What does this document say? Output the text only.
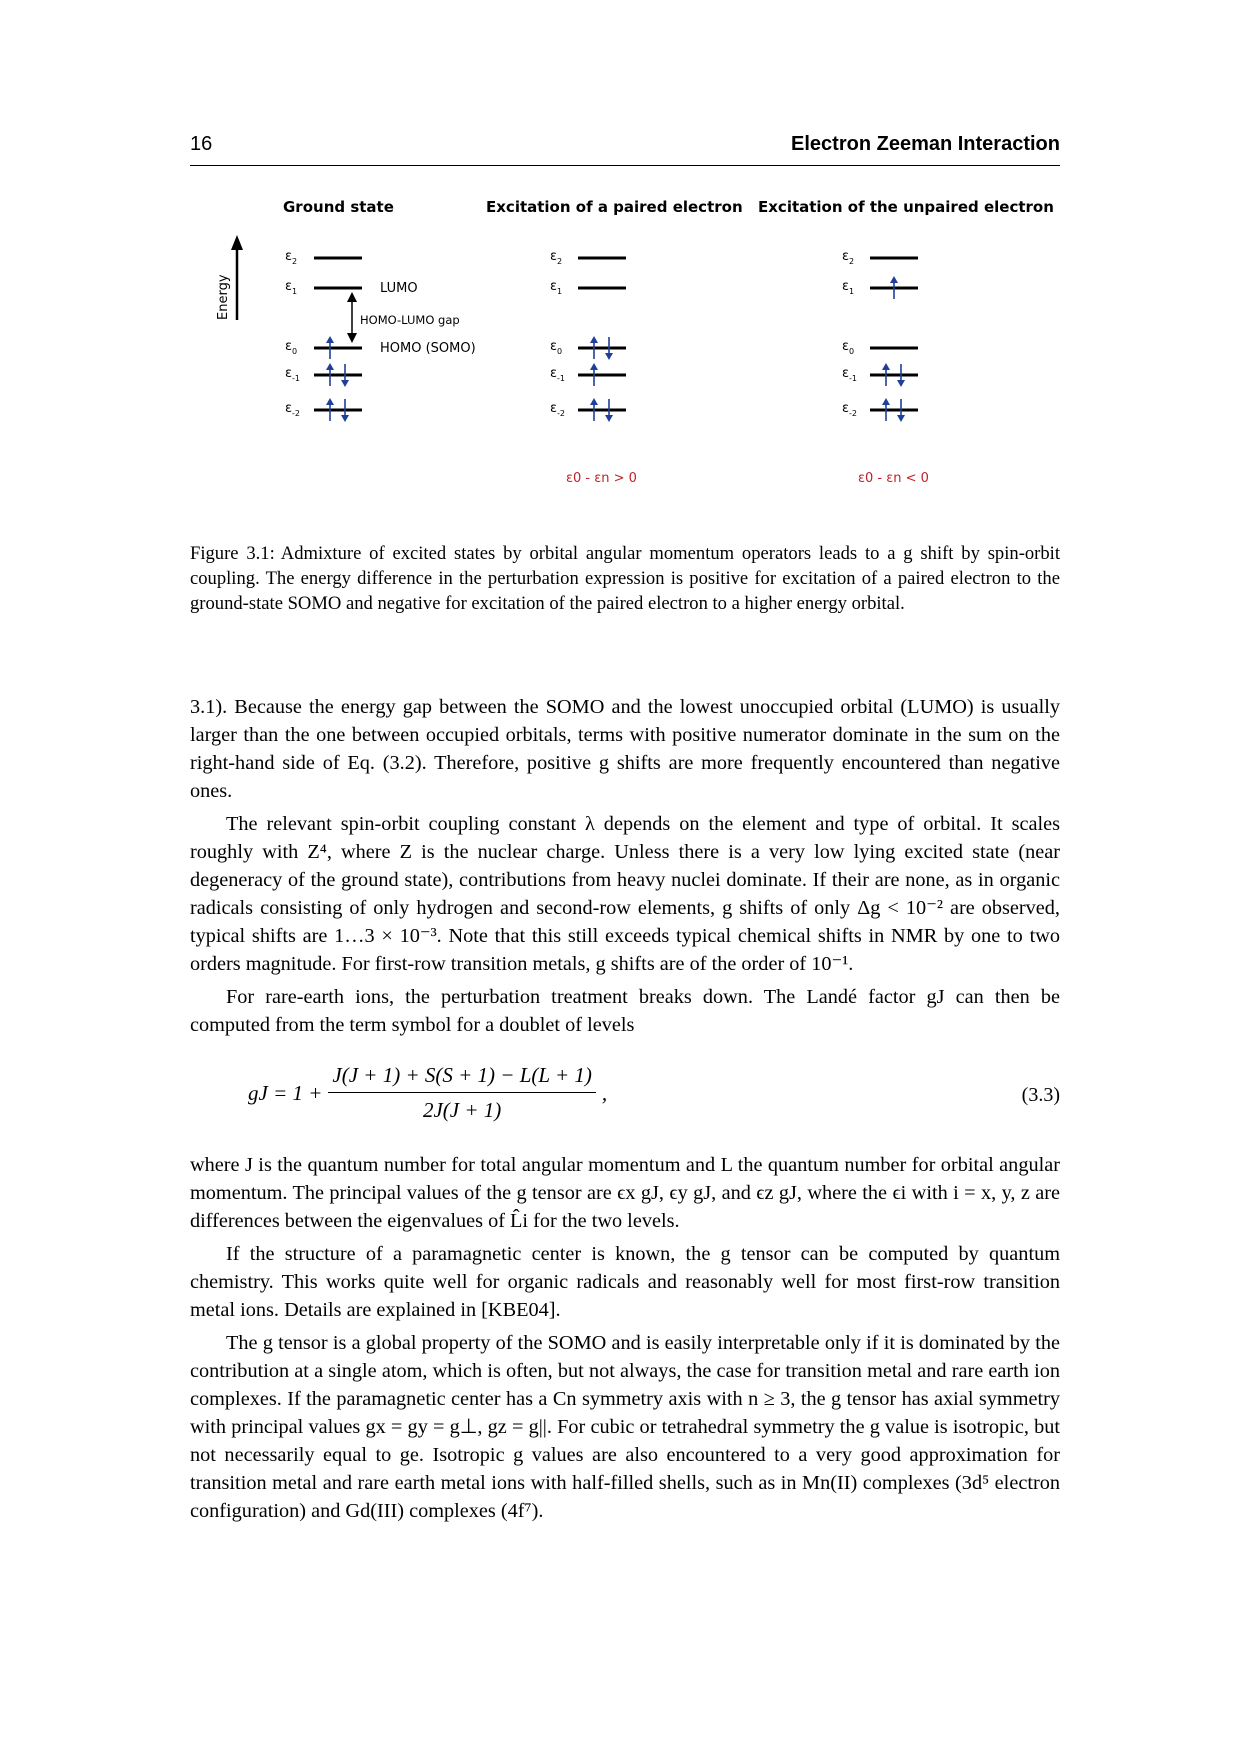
16	Electron Zeeman Interaction
Ground state	Excitation of a paired electron Excitation of the unpaired electron
Energy
$\varepsilon_2$
$\varepsilon_1$	LUMO
HOMO-LUMO gap
$\varepsilon_0$	HOMO (SOMO)
$\varepsilon_{-1}$
$\varepsilon_{-2}$
$\varepsilon_2$
$\varepsilon_1$
$\varepsilon_0$
$\varepsilon_{-1}$
$\varepsilon_{-2}$
ε0 - εn > 0
$\varepsilon_2$
$\varepsilon_1$
$\varepsilon_0$
$\varepsilon_{-1}$
$\varepsilon_{-2}$
ε0 - εn < 0
Figure 3.1: Admixture of excited states by orbital angular momentum operators leads to a g shift by spin-orbit coupling. The energy difference in the perturbation expression is positive for excitation of a paired electron to the ground-state SOMO and negative for excitation of the paired electron to a higher energy orbital.

3.1). Because the energy gap between the SOMO and the lowest unoccupied orbital (LUMO) is usually larger than the one between occupied orbitals, terms with positive numerator dominate in the sum on the right-hand side of Eq. (3.2). Therefore, positive g shifts are more frequently encountered than negative ones.

The relevant spin-orbit coupling constant λ depends on the element and type of orbital. It scales roughly with Z⁴, where Z is the nuclear charge. Unless there is a very low lying excited state (near degeneracy of the ground state), contributions from heavy nuclei dominate. If their are none, as in organic radicals consisting of only hydrogen and second-row elements, g shifts of only Δg < 10⁻² are observed, typical shifts are 1…3 × 10⁻³. Note that this still exceeds typical chemical shifts in NMR by one to two orders magnitude. For first-row transition metals, g shifts are of the order of 10⁻¹.

For rare-earth ions, the perturbation treatment breaks down. The Landé factor gJ can then be computed from the term symbol for a doublet of levels

gJ = $1 + \frac{J(J + 1) + S(S + 1) - L(L + 1)}{2J(J + 1)}$ ,	(3.3)

where J is the quantum number for total angular momentum and L the quantum number for orbital angular momentum. The principal values of the g tensor are ϵx gJ, ϵy gJ, and ϵz gJ, where the ϵi with i = x, y, z are differences between the eigenvalues of L̂i for the two levels.

If the structure of a paramagnetic center is known, the g tensor can be computed by quantum chemistry. This works quite well for organic radicals and reasonably well for most first-row transition metal ions. Details are explained in [KBE04].

The g tensor is a global property of the SOMO and is easily interpretable only if it is dominated by the contribution at a single atom, which is often, but not always, the case for transition metal and rare earth ion complexes. If the paramagnetic center has a Cn symmetry axis with n ≥ 3, the g tensor has axial symmetry with principal values gx = gy = g⊥, gz = g||. For cubic or tetrahedral symmetry the g value is isotropic, but not necessarily equal to ge. Isotropic g values are also encountered to a very good approximation for transition metal and rare earth metal ions with half-filled shells, such as in Mn(II) complexes (3d⁵ electron configuration) and Gd(III) complexes (4f⁷).
